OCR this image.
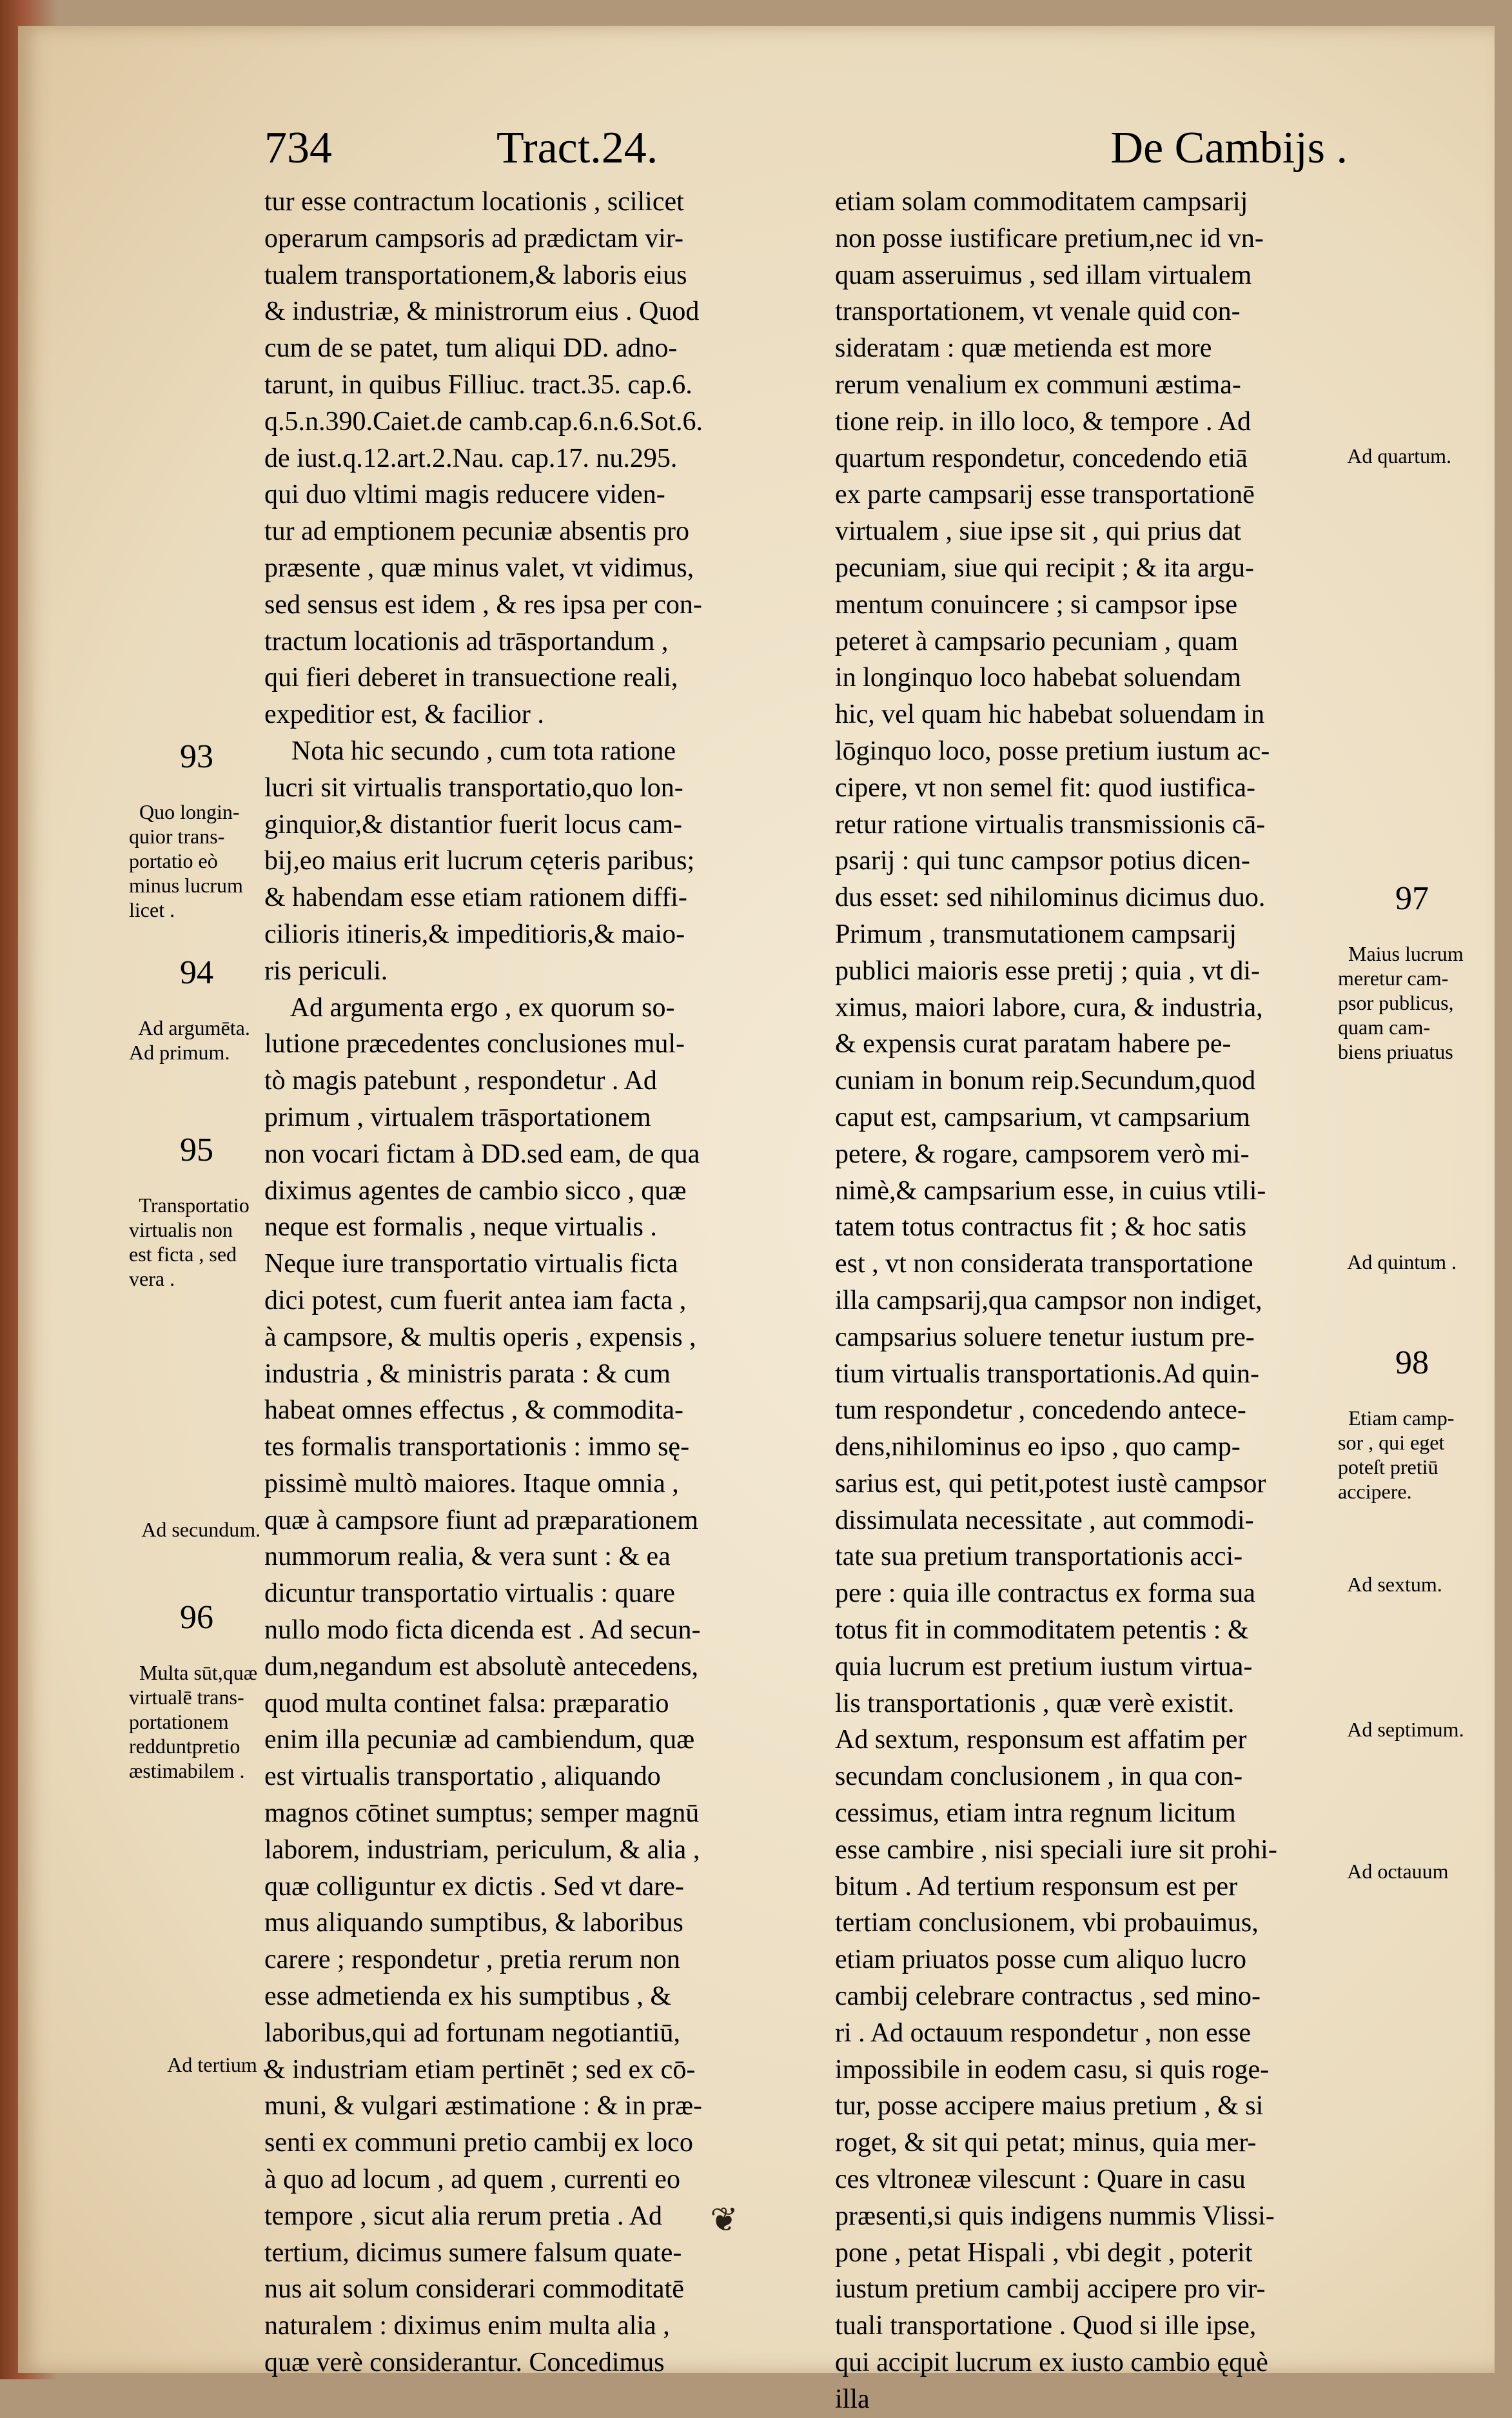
734	Tract.24.	De Cambijs .
tur esse contractum locationis , scilicet
operarum campsoris ad prædictam vir-
tualem transportationem,& laboris eius
& industriæ, & ministrorum eius . Quod
cum de se patet, tum aliqui DD. adno-
tarunt, in quibus Filliuc. tract.35. cap.6.
q.5.n.390.Caiet.de camb.cap.6.n.6.Sot.6.
de iust.q.12.art.2.Nau. cap.17. nu.295.
qui duo vltimi magis reducere viden-
tur ad emptionem pecuniæ absentis pro
præsente , quæ minus valet, vt vidimus,
sed sensus est idem , & res ipsa per con-
tractum locationis ad trāsportandum ,
qui fieri deberet in transuectione reali,
expeditior est, & facilior .
Nota hic secundo , cum tota ratione
lucri sit virtualis transportatio,quo lon-
ginquior,& distantior fuerit locus cam-
bij,eo maius erit lucrum cęteris paribus;
& habendam esse etiam rationem diffi-
cilioris itineris,& impeditioris,& maio-
ris periculi.
Ad argumenta ergo , ex quorum so-
lutione præcedentes conclusiones mul-
tò magis patebunt , respondetur . Ad
primum , virtualem trāsportationem
non vocari fictam à DD.sed eam, de qua
diximus agentes de cambio sicco , quæ
neque est formalis , neque virtualis .
Neque iure transportatio virtualis ficta
dici potest, cum fuerit antea iam facta ,
à campsore, & multis operis , expensis ,
industria , & ministris parata : & cum
habeat omnes effectus , & commodita-
tes formalis transportationis : immo sę-
pissimè multò maiores. Itaque omnia ,
quæ à campsore fiunt ad præparationem
nummorum realia, & vera sunt : & ea
dicuntur transportatio virtualis : quare
nullo modo ficta dicenda est . Ad secun-
dum,negandum est absolutè antecedens,
quod multa continet falsa: præparatio
enim illa pecuniæ ad cambiendum, quæ
est virtualis transportatio , aliquando
magnos cōtinet sumptus; semper magnū
laborem, industriam, periculum, & alia ,
quæ colliguntur ex dictis . Sed vt dare-
mus aliquando sumptibus, & laboribus
carere ; respondetur , pretia rerum non
esse admetienda ex his sumptibus , &
laboribus,qui ad fortunam negotiantiū,
& industriam etiam pertinēt ; sed ex cō-
muni, & vulgari æstimatione : & in præ-
senti ex communi pretio cambij ex loco
à quo ad locum , ad quem , currenti eo
tempore , sicut alia rerum pretia . Ad
tertium, dicimus sumere falsum quate-
nus ait solum considerari commoditatē
naturalem : diximus enim multa alia ,
quæ verè considerantur. Concedimus
etiam solam commoditatem campsarij
non posse iustificare pretium,nec id vn-
quam asseruimus , sed illam virtualem
transportationem, vt venale quid con-
sideratam : quæ metienda est more
rerum venalium ex communi æstima-
tione reip. in illo loco, & tempore . Ad
quartum respondetur, concedendo etiā
ex parte campsarij esse transportationē
virtualem , siue ipse sit , qui prius dat
pecuniam, siue qui recipit ; & ita argu-
mentum conuincere ; si campsor ipse
peteret à campsario pecuniam , quam
in longinquo loco habebat soluendam
hic, vel quam hic habebat soluendam in
lōginquo loco, posse pretium iustum ac-
cipere, vt non semel fit: quod iustifica-
retur ratione virtualis transmissionis cā-
psarij : qui tunc campsor potius dicen-
dus esset: sed nihilominus dicimus duo.
Primum , transmutationem campsarij
publici maioris esse pretij ; quia , vt di-
ximus, maiori labore, cura, & industria,
& expensis curat paratam habere pe-
cuniam in bonum reip.Secundum,quod
caput est, campsarium, vt campsarium
petere, & rogare, campsorem verò mi-
nimè,& campsarium esse, in cuius vtili-
tatem totus contractus fit ; & hoc satis
est , vt non considerata transportatione
illa campsarij,qua campsor non indiget,
campsarius soluere tenetur iustum pre-
tium virtualis transportationis.Ad quin-
tum respondetur , concedendo antece-
dens,nihilominus eo ipso , quo camp-
sarius est, qui petit,potest iustè campsor
dissimulata necessitate , aut commodi-
tate sua pretium transportationis acci-
pere : quia ille contractus ex forma sua
totus fit in commoditatem petentis : &
quia lucrum est pretium iustum virtua-
lis transportationis , quæ verè existit.
Ad sextum, responsum est affatim per
secundam conclusionem , in qua con-
cessimus, etiam intra regnum licitum
esse cambire , nisi speciali iure sit prohi-
bitum . Ad tertium responsum est per
tertiam conclusionem, vbi probauimus,
etiam priuatos posse cum aliquo lucro
cambij celebrare contractus , sed mino-
ri . Ad octauum respondetur , non esse
impossibile in eodem casu, si quis roge-
tur, posse accipere maius pretium , & si
roget, & sit qui petat; minus, quia mer-
ces vltroneæ vilescunt : Quare in casu
præsenti,si quis indigens nummis Vlissi-
pone , petat Hispali , vbi degit , poterit
iustum pretium cambij accipere pro vir-
tuali transportatione . Quod si ille ipse,
qui accipit lucrum ex iusto cambio ęquè
illa

93

Quo longin-
quior trans-
portatio eò
minus lucrum
licet .

94

Ad argumēta.
Ad primum.

95

Transportatio
virtualis non
est ficta , sed
vera .

Ad secundum.

96

Multa sūt,quæ
virtualē trans-
portationem
redduntpretio
æstimabilem .

Ad tertium .

Ad quartum.

97

Maius lucrum
meretur cam-
psor publicus,
quam cam-
biens priuatus

Ad quintum .

98

Etiam camp-
sor , qui eget
poteſt pretiū
accipere.

Ad sextum.

Ad septimum.

Ad octauum

❦
